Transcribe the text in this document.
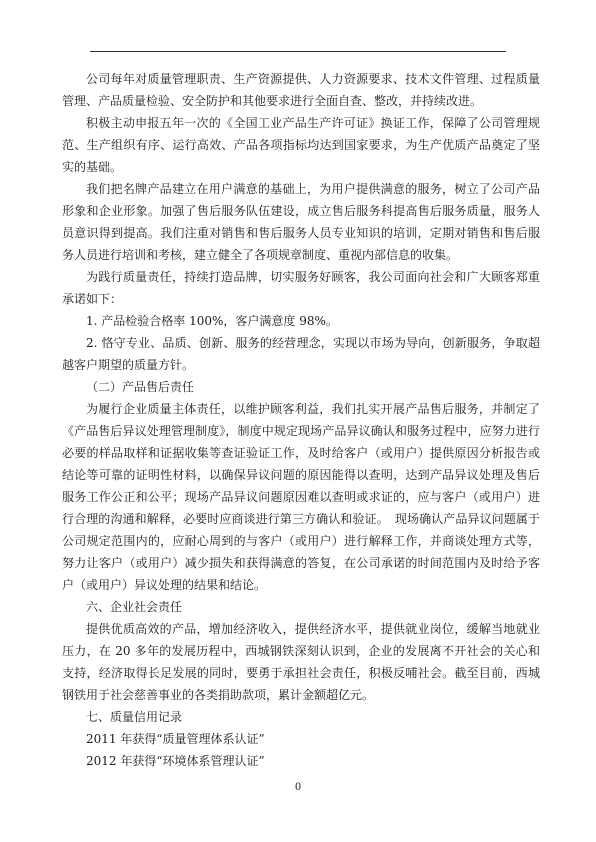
公司每年对质量管理职责、生产资源提供、人力资源要求、技术文件管理、过程质量管理、产品质量检验、安全防护和其他要求进行全面自查、整改，并持续改进。

积极主动申报五年一次的《全国工业产品生产许可证》换证工作，保障了公司管理规范、生产组织有序、运行高效、产品各项指标均达到国家要求，为生产优质产品奠定了坚实的基础。

我们把名牌产品建立在用户满意的基础上，为用户提供满意的服务，树立了公司产品形象和企业形象。加强了售后服务队伍建设，成立售后服务科提高售后服务质量，服务人员意识得到提高。我们注重对销售和售后服务人员专业知识的培训，定期对销售和售后服务人员进行培训和考核，建立健全了各项规章制度、重视内部信息的收集。

为践行质量责任，持续打造品牌，切实服务好顾客，我公司面向社会和广大顾客郑重承诺如下：

1. 产品检验合格率 100%，客户满意度 98%。

2. 恪守专业、品质、创新、服务的经营理念，实现以市场为导向，创新服务，争取超越客户期望的质量方针。

（二）产品售后责任

为履行企业质量主体责任，以维护顾客利益，我们扎实开展产品售后服务，并制定了《产品售后异议处理管理制度》，制度中规定现场产品异议确认和服务过程中，应努力进行必要的样品取样和证据收集等查证验证工作，及时给客户（或用户）提供原因分析报告或结论等可靠的证明性材料，以确保异议问题的原因能得以查明，达到产品异议处理及售后服务工作公正和公平；现场产品异议问题原因难以查明或求证的，应与客户（或用户）进行合理的沟通和解释，必要时应商谈进行第三方确认和验证。　现场确认产品异议问题属于公司规定范围内的，应耐心周到的与客户（或用户）进行解释工作，并商谈处理方式等，努力让客户（或用户）减少损失和获得满意的答复，在公司承诺的时间范围内及时给予客户（或用户）异议处理的结果和结论。

六、企业社会责任

提供优质高效的产品，增加经济收入，提供经济水平，提供就业岗位，缓解当地就业压力，在 20 多年的发展历程中，西城钢铁深刻认识到，企业的发展离不开社会的关心和支持，经济取得长足发展的同时，要勇于承担社会责任，积极反哺社会。截至目前，西城钢铁用于社会慈善事业的各类捐助款项，累计金额超亿元。

七、质量信用记录

2011 年获得“质量管理体系认证”

2012 年获得“环境体系管理认证”

0
